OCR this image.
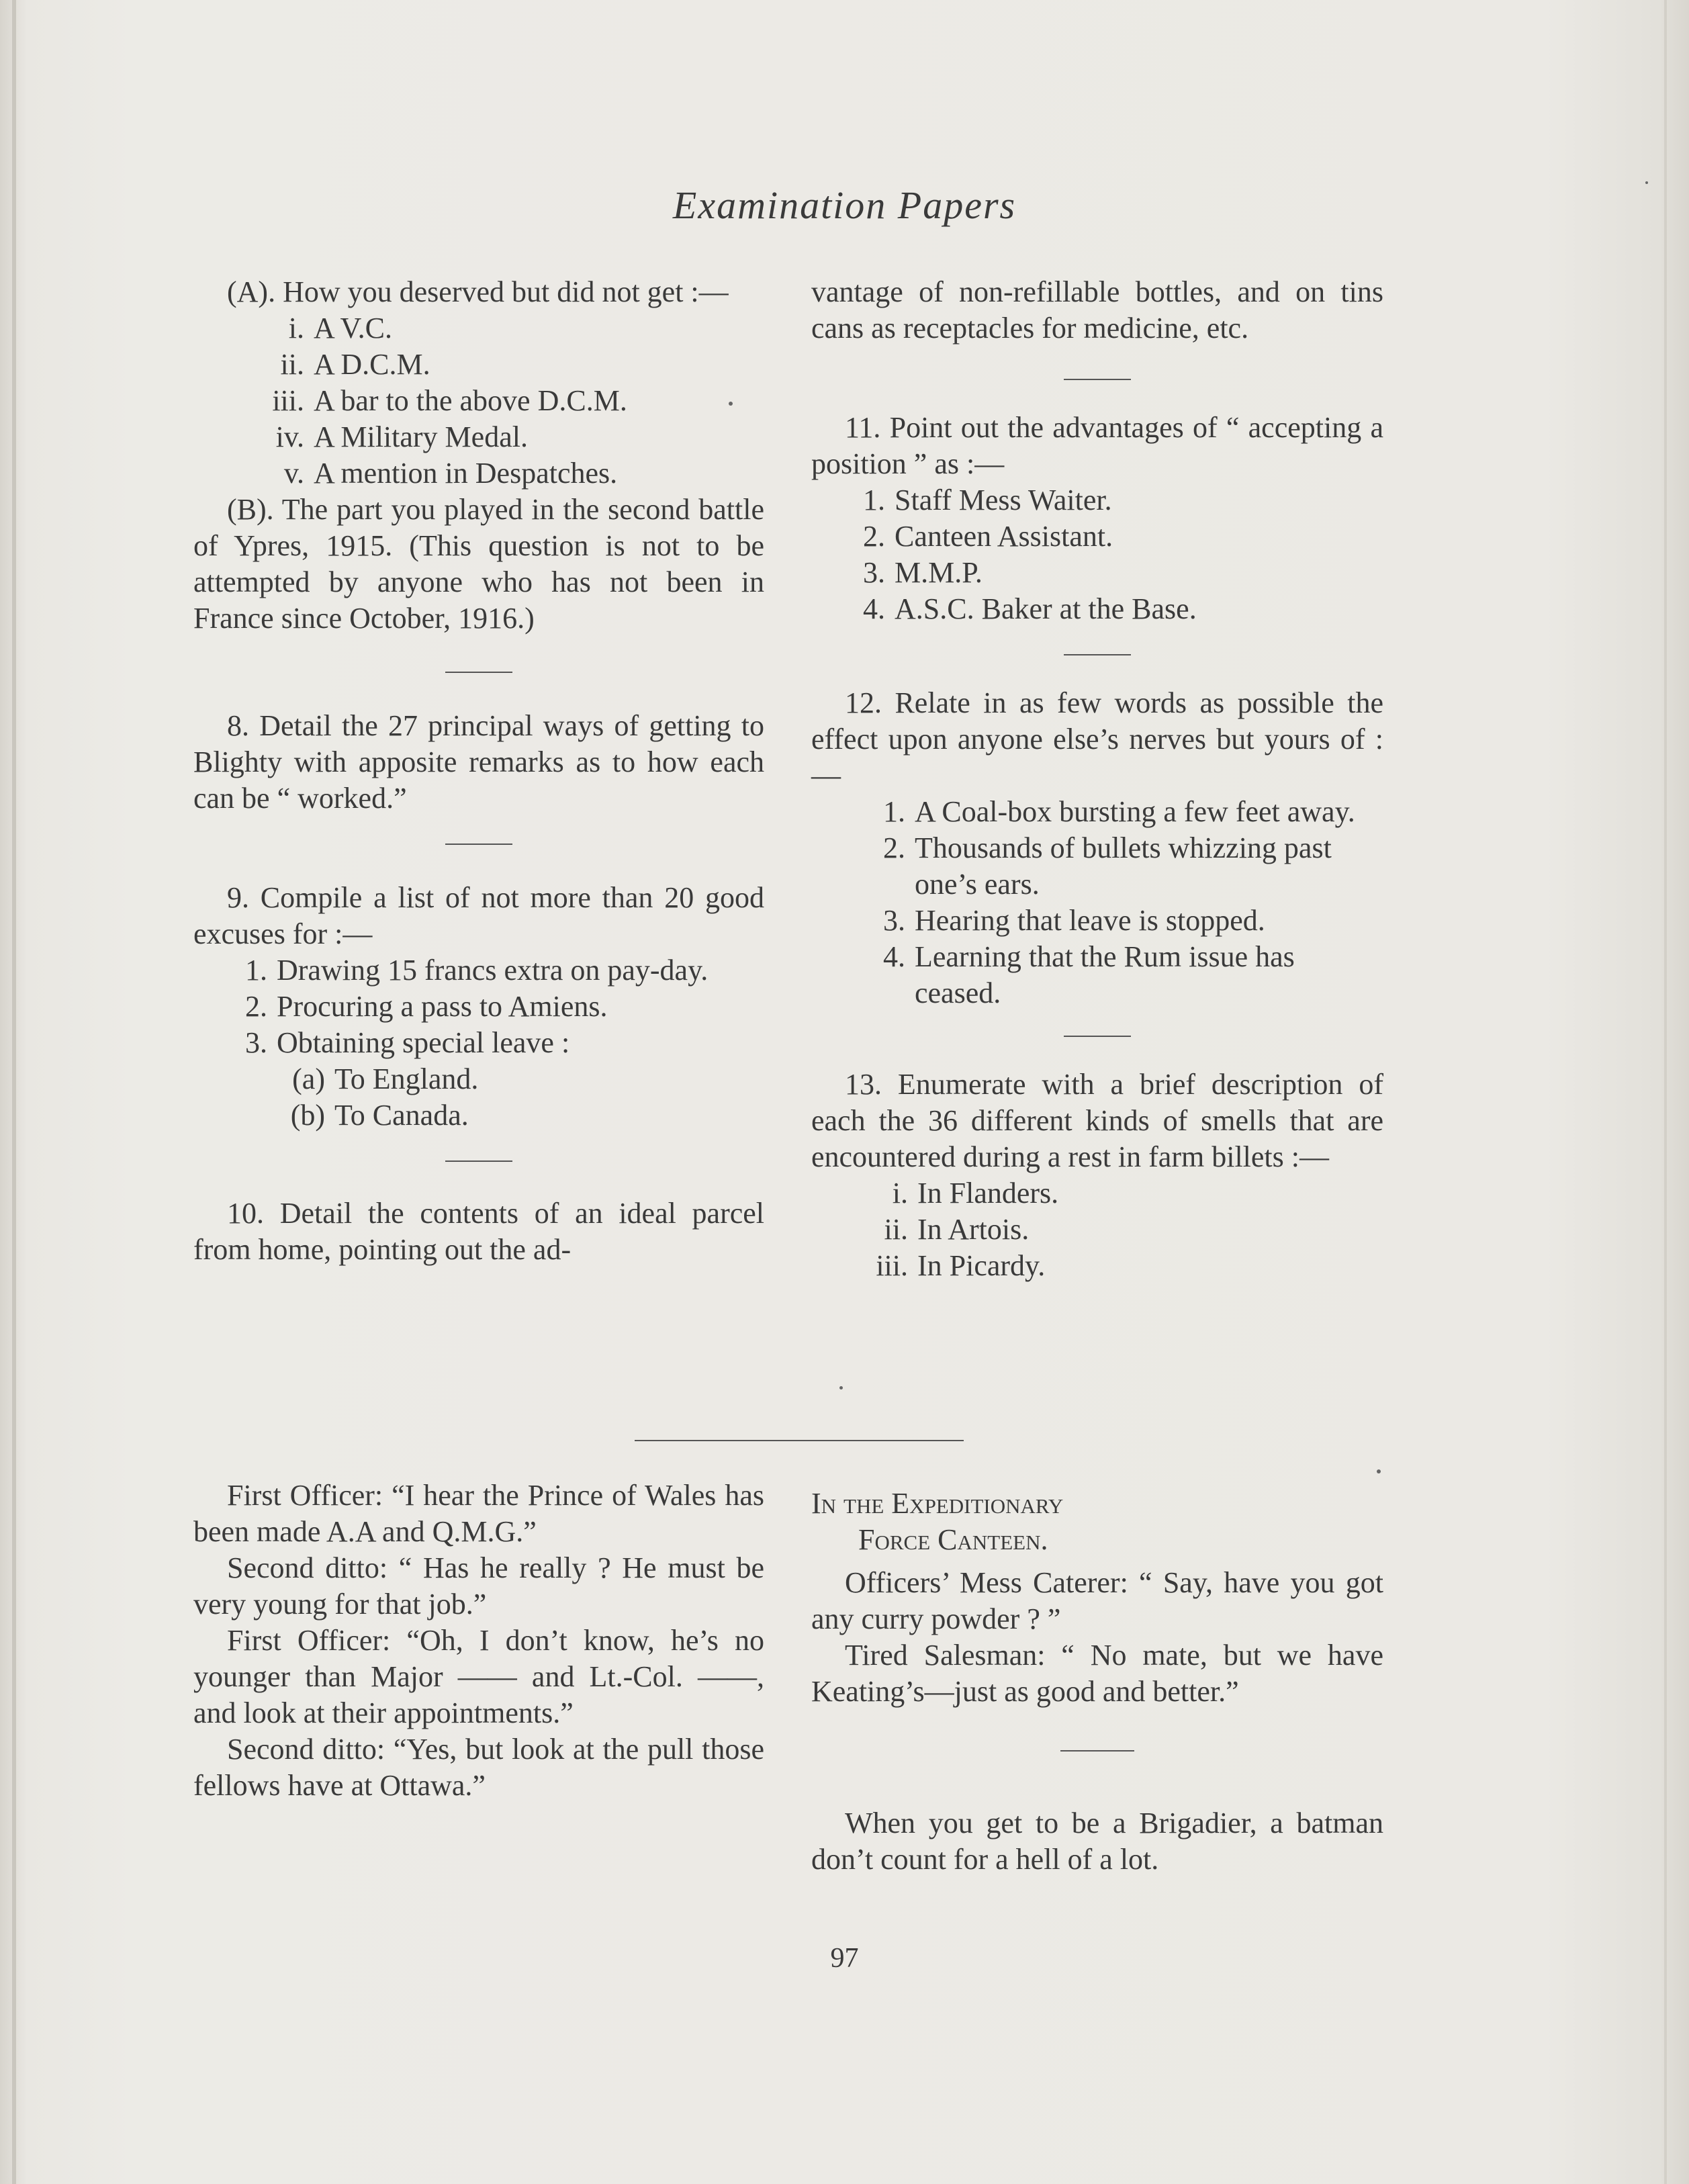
Examination Papers

(A). How you deserved but did not get :—

i. A V.C.

ii. A D.C.M.

iii. A bar to the above D.C.M.

iv. A Military Medal.

v. A mention in Despatches.

(B). The part you played in the second battle of Ypres, 1915. (This question is not to be attempted by anyone who has not been in France since October, 1916.)

8. Detail the 27 principal ways of getting to Blighty with apposite remarks as to how each can be “ worked.”

9. Compile a list of not more than 20 good excuses for :—

1. Drawing 15 francs extra on pay-day.

2. Procuring a pass to Amiens.

3. Obtaining special leave :

(a) To England.

(b) To Canada.

10. Detail the contents of an ideal parcel from home, pointing out the ad-

vantage of non-refillable bottles, and on tins cans as receptacles for medicine, etc.

11. Point out the advantages of “ accepting a position ” as :—

1. Staff Mess Waiter.

2. Canteen Assistant.

3. M.M.P.

4. A.S.C. Baker at the Base.

12. Relate in as few words as possible the effect upon anyone else’s nerves but yours of :—

1. A Coal-box bursting a few feet away.

2. Thousands of bullets whizzing past one’s ears.

3. Hearing that leave is stopped.

4. Learning that the Rum issue has ceased.

13. Enumerate with a brief description of each the 36 different kinds of smells that are encountered during a rest in farm billets :—

i. In Flanders.

ii. In Artois.

iii. In Picardy.

First Officer: “I hear the Prince of Wales has been made A.A and Q.M.G.”

Second ditto: “ Has he really ? He must be very young for that job.”

First Officer: “Oh, I don’t know, he’s no younger than Major —— and Lt.-Col. ——, and look at their appointments.”

Second ditto: “Yes, but look at the pull those fellows have at Ottawa.”

In the Expeditionary

Force Canteen.

Officers’ Mess Caterer: “ Say, have you got any curry powder ? ”

Tired Salesman: “ No mate, but we have Keating’s—just as good and better.”

When you get to be a Brigadier, a batman don’t count for a hell of a lot.

97
